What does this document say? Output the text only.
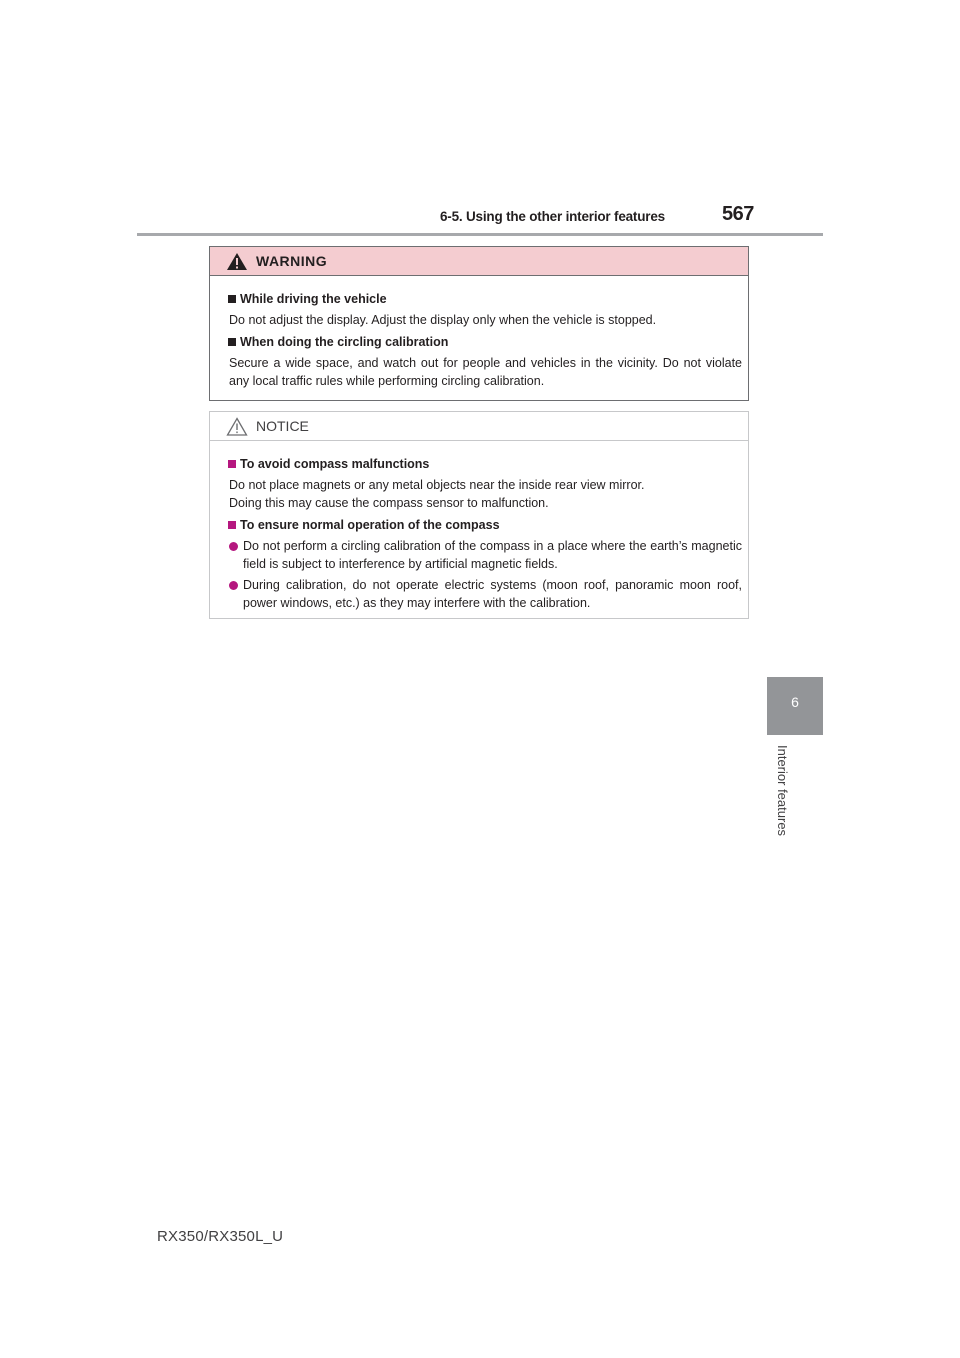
6-5. Using the other interior features	567
6
Interior features
WARNING
While driving the vehicle
Do not adjust the display. Adjust the display only when the vehicle is stopped.
When doing the circling calibration
Secure a wide space, and watch out for people and vehicles in the vicinity. Do not violate any local traffic rules while performing circling calibration.
NOTICE
To avoid compass malfunctions
Do not place magnets or any metal objects near the inside rear view mirror.
Doing this may cause the compass sensor to malfunction.
To ensure normal operation of the compass
Do not perform a circling calibration of the compass in a place where the earth’s magnetic field is subject to interference by artificial magnetic fields.
During calibration, do not operate electric systems (moon roof, panoramic moon roof, power windows, etc.) as they may interfere with the calibration.
RX350/RX350L_U
